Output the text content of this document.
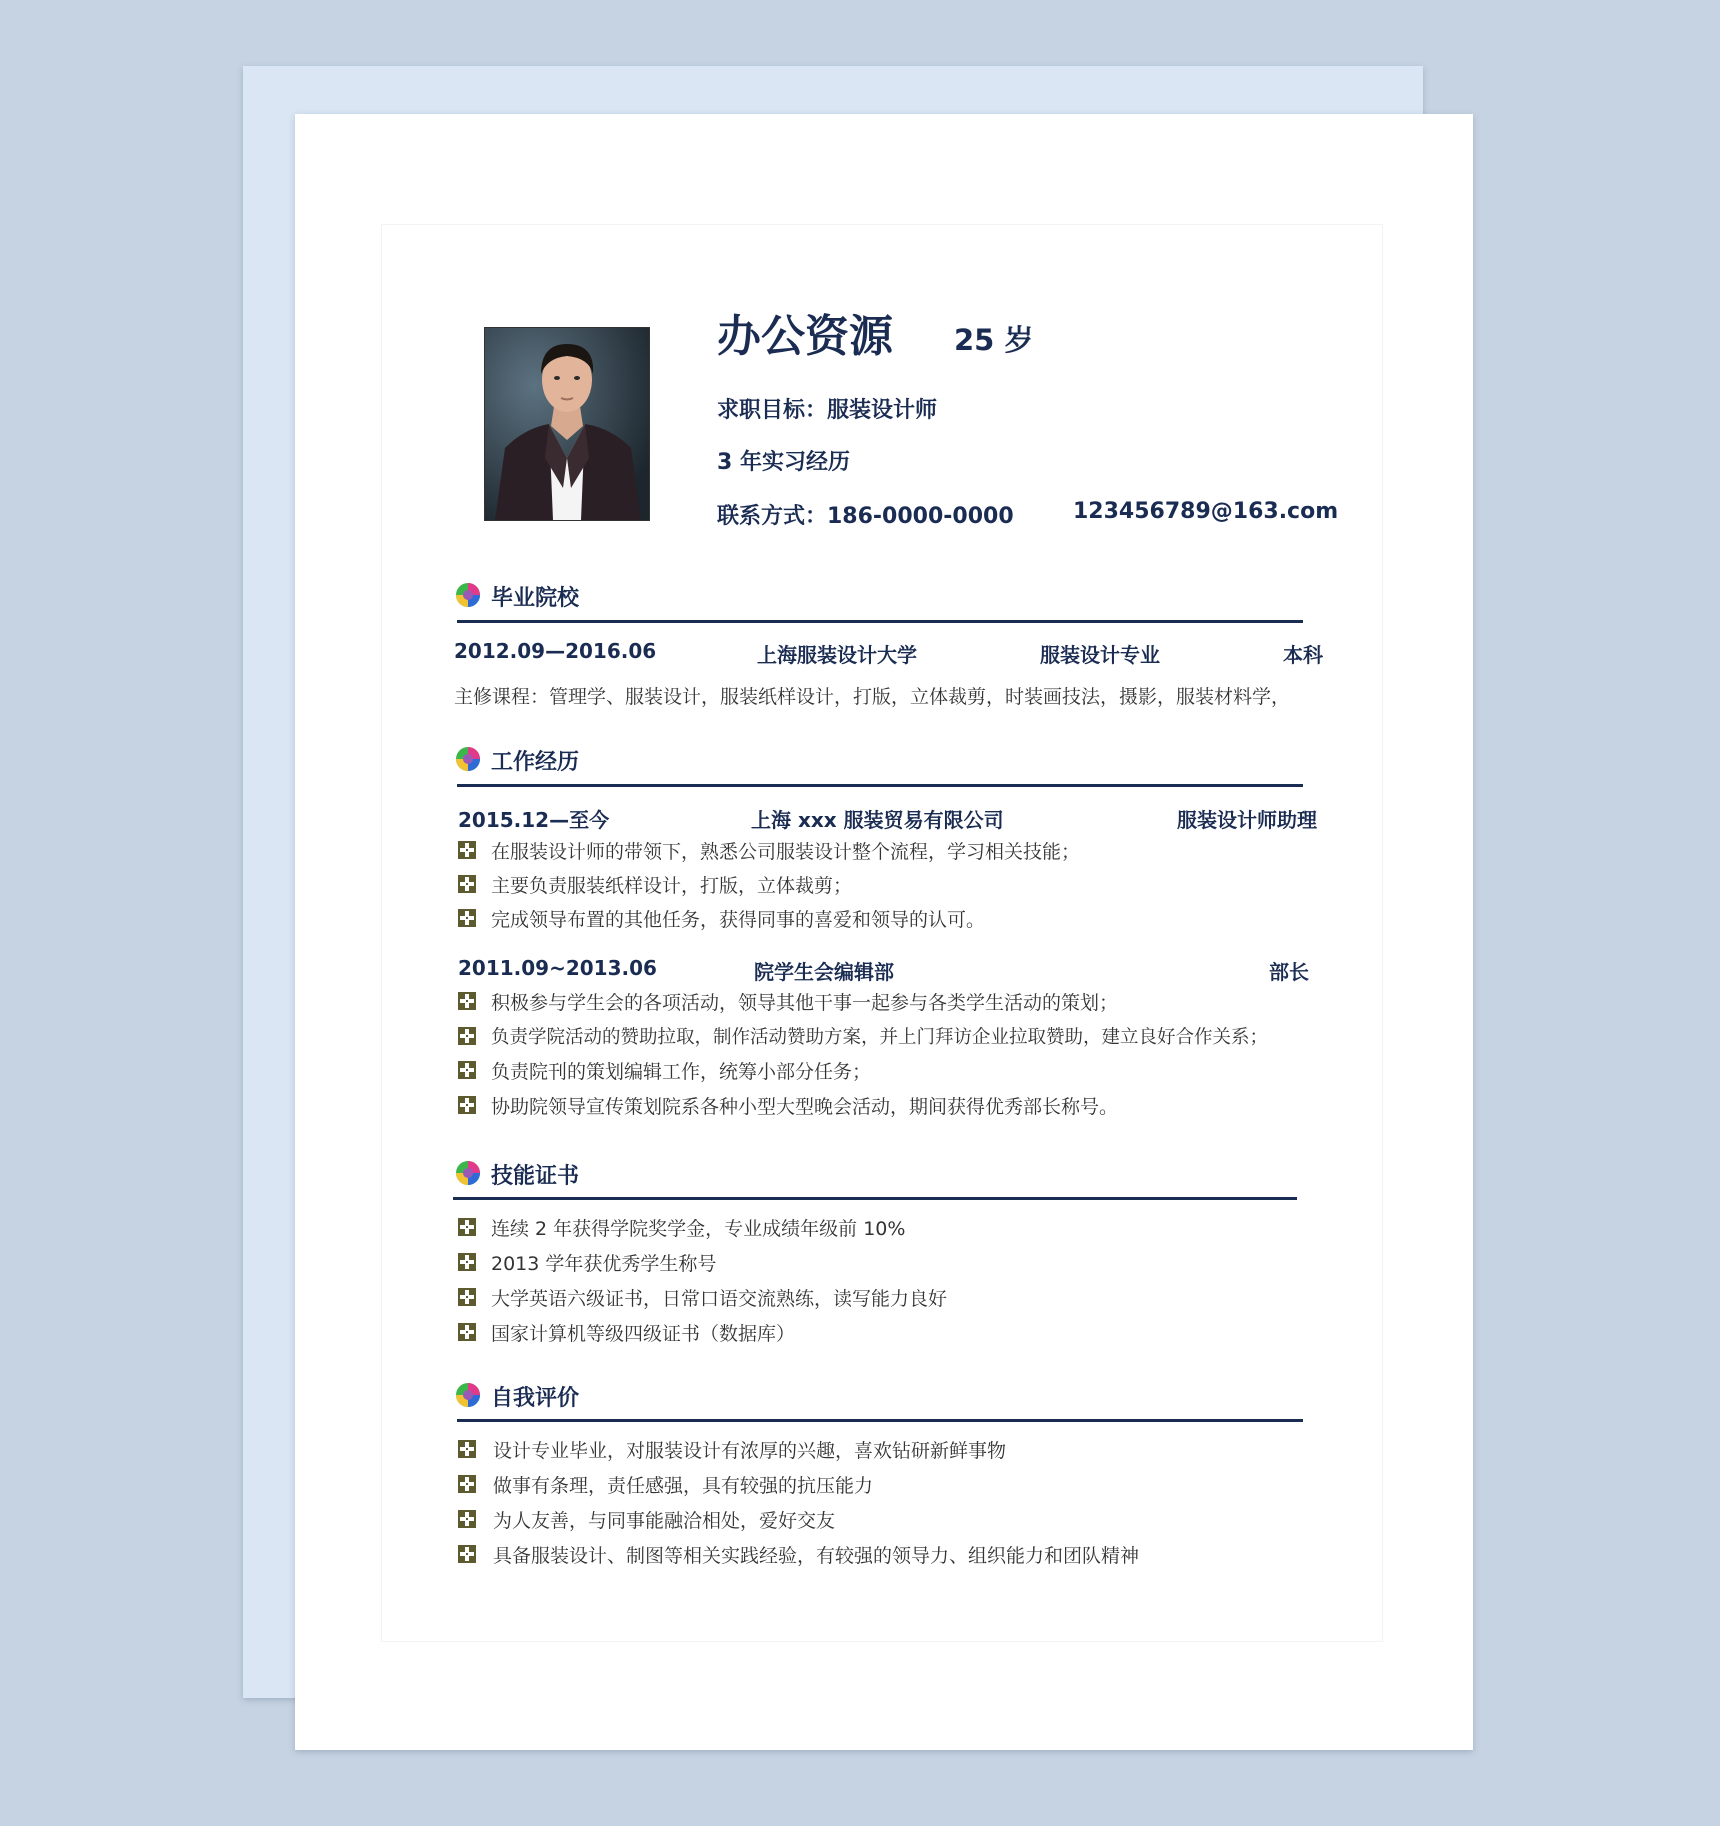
办公资源 25 岁
求职目标：服装设计师
3 年实习经历
联系方式：186-0000-0000	123456789@163.com
毕业院校
2012.09—2016.06	上海服装设计大学	服装设计专业	本科
主修课程：管理学、服装设计，服装纸样设计，打版，立体裁剪，时装画技法，摄影，服装材料学，
工作经历
2015.12—至今	上海 xxx 服装贸易有限公司	服装设计师助理
在服装设计师的带领下，熟悉公司服装设计整个流程，学习相关技能；
主要负责服装纸样设计，打版，立体裁剪；
完成领导布置的其他任务，获得同事的喜爱和领导的认可。
2011.09~2013.06	院学生会编辑部	部长
积极参与学生会的各项活动，领导其他干事一起参与各类学生活动的策划；
负责学院活动的赞助拉取，制作活动赞助方案，并上门拜访企业拉取赞助，建立良好合作关系；
负责院刊的策划编辑工作，统筹小部分任务；
协助院领导宣传策划院系各种小型大型晚会活动，期间获得优秀部长称号。
技能证书
连续 2 年获得学院奖学金，专业成绩年级前 10%
2013 学年获优秀学生称号
大学英语六级证书，日常口语交流熟练，读写能力良好
国家计算机等级四级证书（数据库）
自我评价
设计专业毕业，对服装设计有浓厚的兴趣，喜欢钻研新鲜事物
做事有条理，责任感强，具有较强的抗压能力
为人友善，与同事能融洽相处，爱好交友
具备服装设计、制图等相关实践经验，有较强的领导力、组织能力和团队精神
